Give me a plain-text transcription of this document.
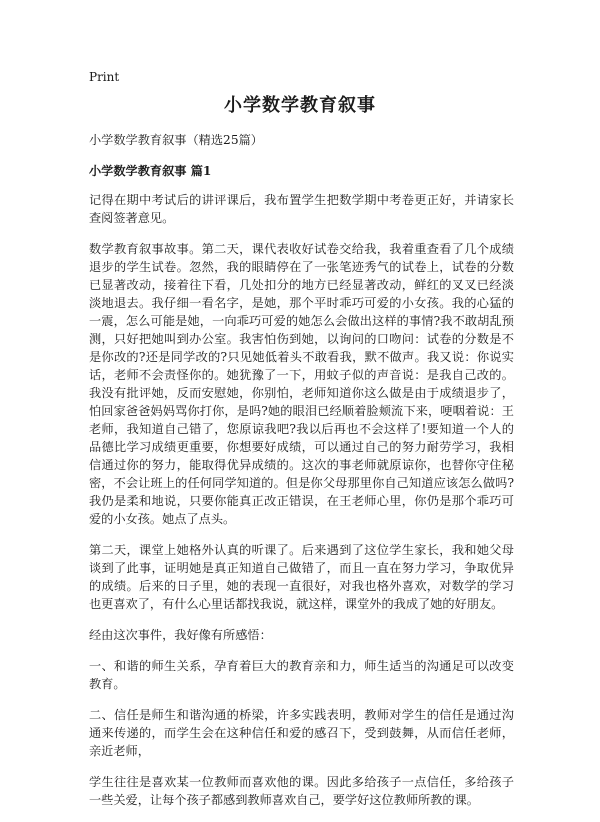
Print
小学数学教育叙事

小学数学教育叙事（精选25篇）

小学数学教育叙事 篇1

记得在期中考试后的讲评课后，我布置学生把数学期中考卷更正好，并请家长查阅签著意见。

数学教育叙事故事。第二天，课代表收好试卷交给我，我着重查看了几个成绩退步的学生试卷。忽然，我的眼睛停在了一张笔迹秀气的试卷上，试卷的分数已显著改动，接着往下看，几处扣分的地方已经显著改动，鲜红的叉叉已经淡淡地退去。我仔细一看名字，是她，那个平时乖巧可爱的小女孩。我的心猛的一震，怎么可能是她，一向乖巧可爱的她怎么会做出这样的事情?我不敢胡乱预测，只好把她叫到办公室。我害怕伤到她，以询问的口吻问：试卷的分数是不是你改的?还是同学改的?只见她低着头不敢看我，默不做声。我又说：你说实话，老师不会责怪你的。她犹豫了一下，用蚊子似的声音说：是我自己改的。我没有批评她，反而安慰她，你别怕，老师知道你这么做是由于成绩退步了，怕回家爸爸妈妈骂你打你，是吗?她的眼泪已经顺着脸颊流下来，哽咽着说：王老师，我知道自己错了，您原谅我吧?我以后再也不会这样了!要知道一个人的品德比学习成绩更重要，你想要好成绩，可以通过自己的努力耐劳学习，我相信通过你的努力，能取得优异成绩的。这次的事老师就原谅你，也替你守住秘密，不会让班上的任何同学知道的。但是你父母那里你自己知道应该怎么做吗?我仍是柔和地说，只要你能真正改正错误，在王老师心里，你仍是那个乖巧可爱的小女孩。她点了点头。

第二天，课堂上她格外认真的听课了。后来遇到了这位学生家长，我和她父母谈到了此事，证明她是真正知道自己做错了，而且一直在努力学习，争取优异的成绩。后来的日子里，她的表现一直很好，对我也格外喜欢，对数学的学习也更喜欢了，有什么心里话都找我说，就这样，课堂外的我成了她的好朋友。

经由这次事件，我好像有所感悟：

一、和谐的师生关系，孕育着巨大的教育亲和力，师生适当的沟通足可以改变教育。

二、信任是师生和谐沟通的桥梁，许多实践表明，教师对学生的信任是通过沟通来传递的，而学生会在这种信任和爱的感召下，受到鼓舞，从而信任老师，亲近老师，

学生往往是喜欢某一位教师而喜欢他的课。因此多给孩子一点信任，多给孩子一些关爱，让每个孩子都感到教师喜欢自己，要学好这位教师所教的课。
